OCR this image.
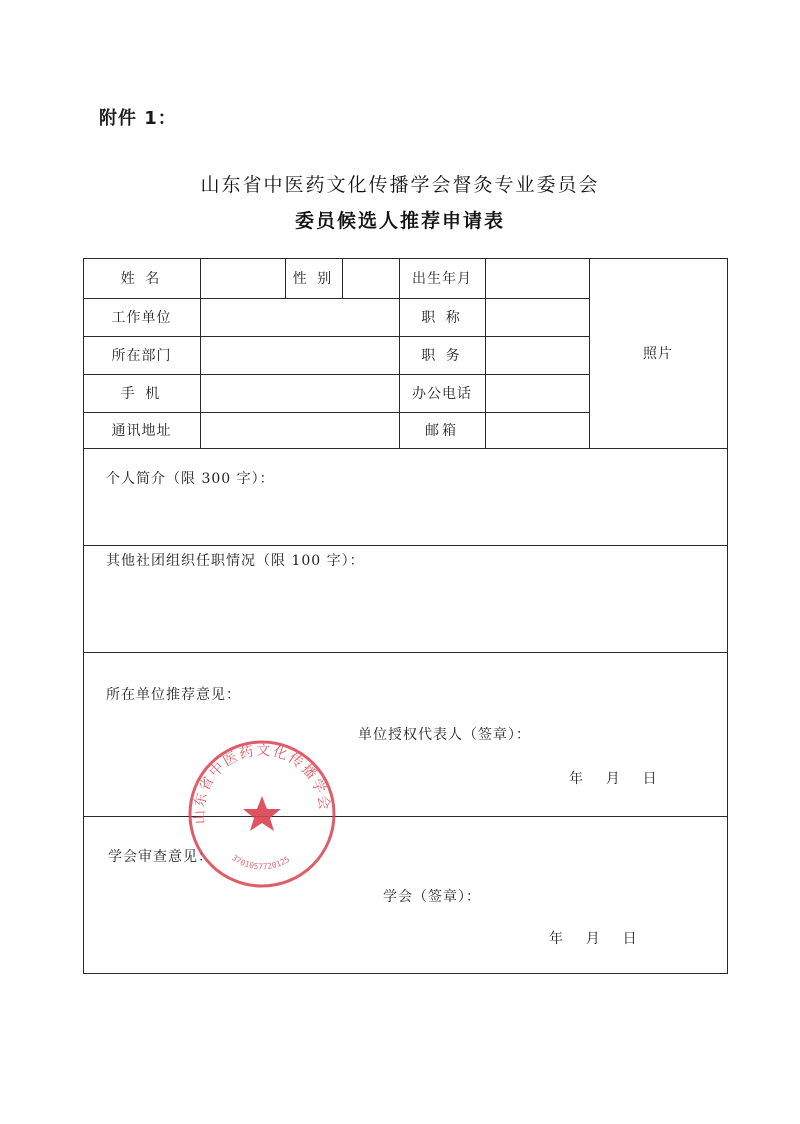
附件 1：
山东省中医药文化传播学会督灸专业委员会
委员候选人推荐申请表
姓 名	性 别	出生年月
照片
工作单位	职 称
所在部门	职 务
手 机	办公电话
通讯地址	邮箱
个人简介（限 300 字）：
其他社团组织任职情况（限 100 字）：
所在单位推荐意见：
单位授权代表人（签章）：
年    月    日
学会审查意见：
学会（签章）：
年    月    日
山东省中医药文化传播学会
3701057720125
